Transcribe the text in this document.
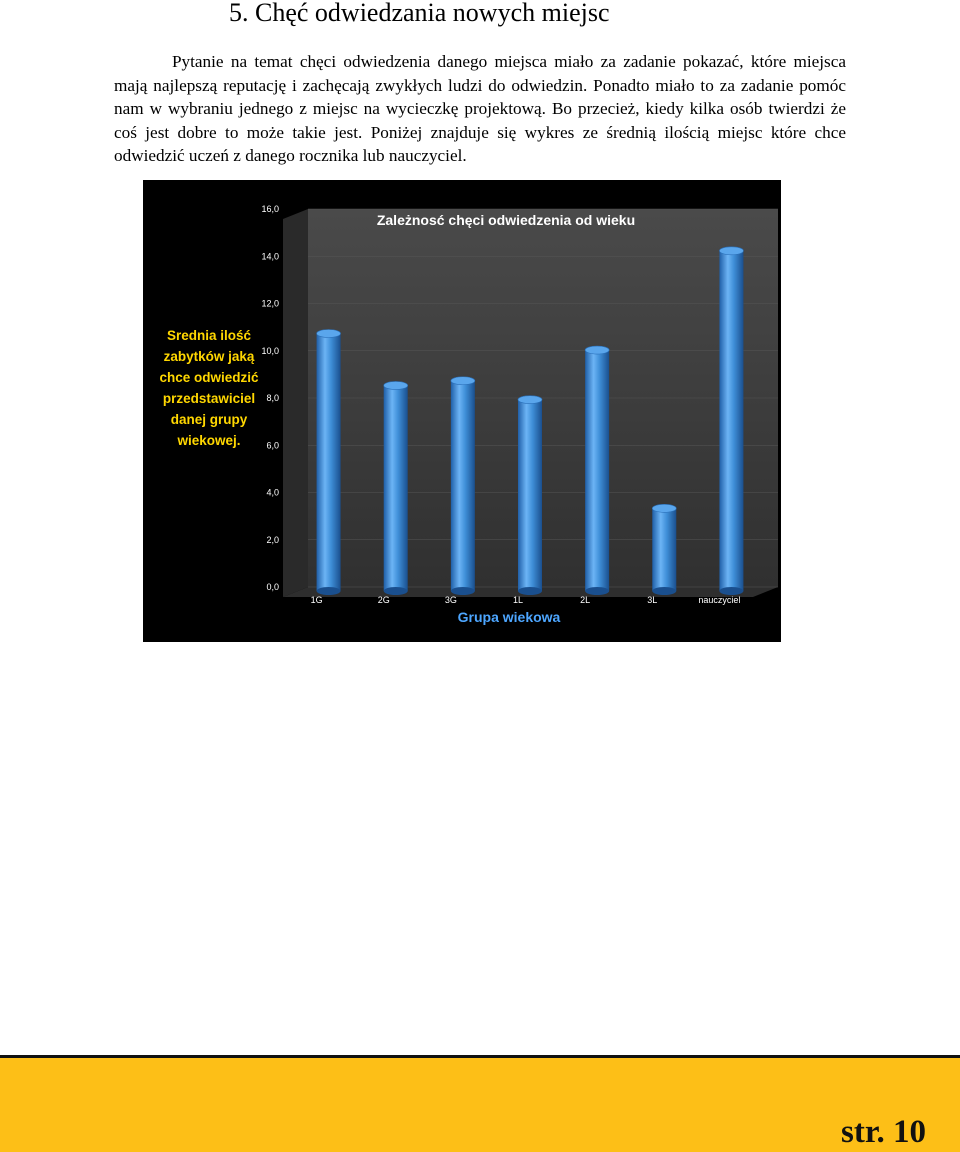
5. Chęć odwiedzania nowych miejsc

Pytanie na temat chęci odwiedzenia danego miejsca miało za zadanie pokazać, które miejsca mają najlepszą reputację i zachęcają zwykłych ludzi do odwiedzin. Ponadto miało to za zadanie pomóc nam w wybraniu jednego z miejsc na wycieczkę projektową. Bo przecież, kiedy kilka osób twierdzi że coś jest dobre to może takie jest. Poniżej znajduje się wykres ze średnią ilością miejsc które chce odwiedzić uczeń z danego rocznika lub nauczyciel.

0,0
2,0
4,0
6,0
8,0
10,0
12,0
14,0
16,0
1G	2G	3G	1L	2L	3L	nauczyciel
Zależnosć chęci odwiedzenia od wieku
Grupa wiekowa
Srednia ilość zabytków jaką chce odwiedzić przedstawiciel danej grupy wiekowej.

str. 10
